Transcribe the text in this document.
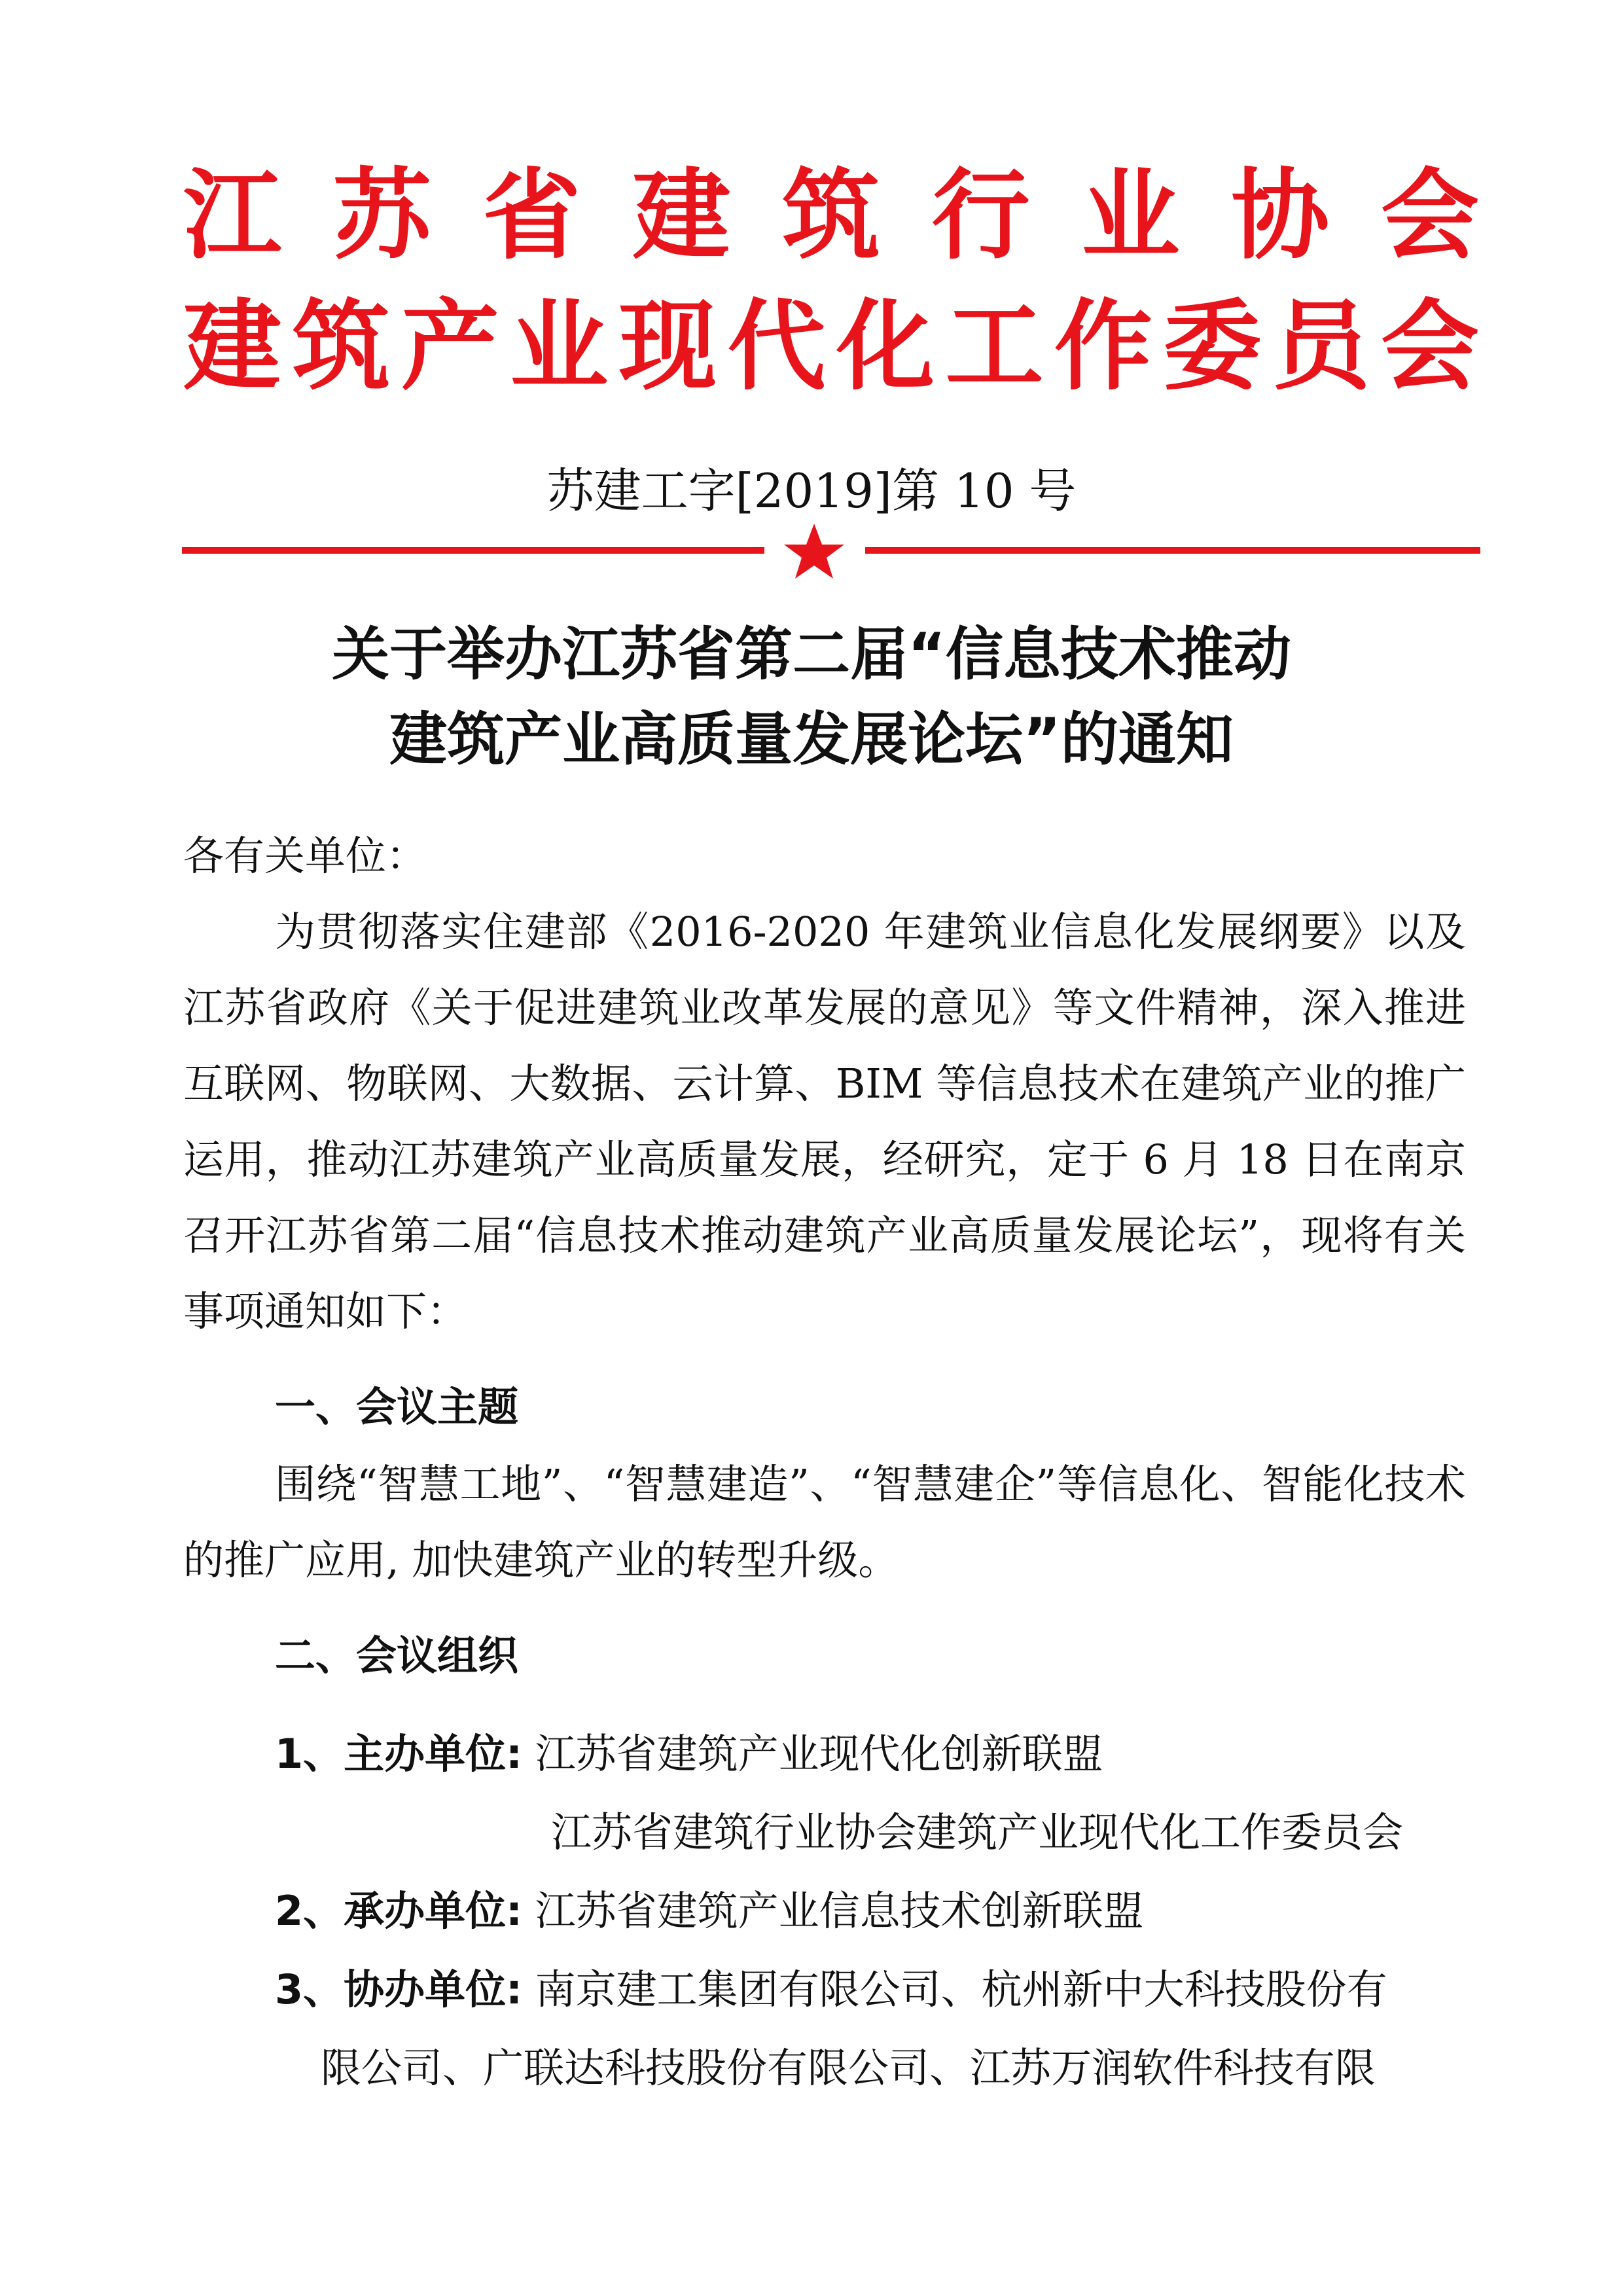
江苏省建筑行业协会
建筑产业现代化工作委员会
苏建工字[2019]第 10 号
关于举办江苏省第二届“信息技术推动
建筑产业高质量发展论坛”的通知
各有关单位：
为贯彻落实住建部《2016-2020 年建筑业信息化发展纲要》以及江苏省政府《关于促进建筑业改革发展的意见》等文件精神，深入推进互联网、物联网、大数据、云计算、BIM 等信息技术在建筑产业的推广运用，推动江苏建筑产业高质量发展，经研究，定于 6 月 18 日在南京召开江苏省第二届“信息技术推动建筑产业高质量发展论坛”，现将有关事项通知如下：
一、会议主题
围绕“智慧工地”、“智慧建造”、“智慧建企”等信息化、智能化技术的推广应用, 加快建筑产业的转型升级。
二、会议组织
1、主办单位: 江苏省建筑产业现代化创新联盟
江苏省建筑行业协会建筑产业现代化工作委员会
2、承办单位: 江苏省建筑产业信息技术创新联盟
3、协办单位: 南京建工集团有限公司、杭州新中大科技股份有
限公司、广联达科技股份有限公司、江苏万润软件科技有限
